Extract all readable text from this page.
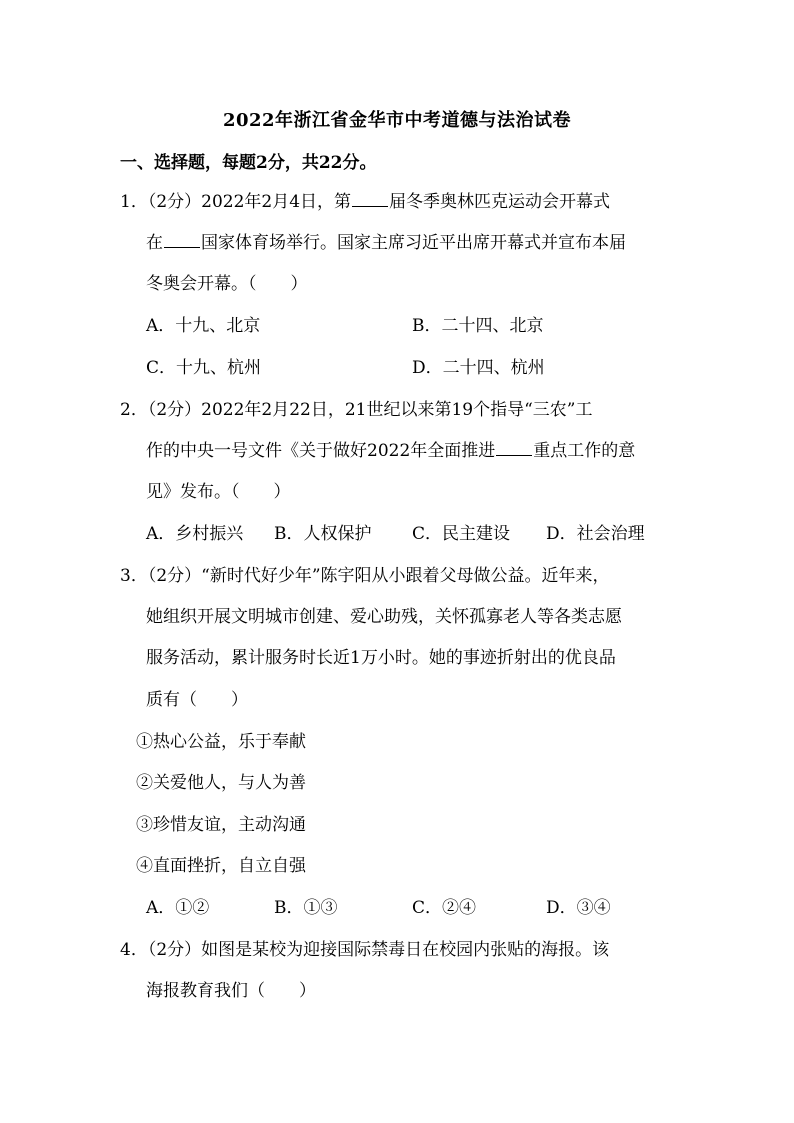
2022年浙江省金华市中考道德与法治试卷
一、选择题，每题2分，共22分。
1．（2分）2022年2月4日，第 届冬季奥林匹克运动会开幕式
在 国家体育场举行。国家主席习近平出席开幕式并宣布本届
冬奥会开幕。（　　）
A．十九、北京	B．二十四、北京
C．十九、杭州	D．二十四、杭州
2．（2分）2022年2月22日，21世纪以来第19个指导“三农”工
作的中央一号文件《关于做好2022年全面推进 重点工作的意
见》发布。（　　）
A．乡村振兴 B．人权保护 C．民主建设 D．社会治理
3．（2分）“新时代好少年”陈宇阳从小跟着父母做公益。近年来，
她组织开展文明城市创建、爱心助残，关怀孤寡老人等各类志愿
服务活动，累计服务时长近1万小时。她的事迹折射出的优良品
质有（　　）
①热心公益，乐于奉献
②关爱他人，与人为善
③珍惜友谊，主动沟通
④直面挫折，自立自强
A．①②	B．①③	C．②④	D．③④
4．（2分）如图是某校为迎接国际禁毒日在校园内张贴的海报。该
海报教育我们（　　）
